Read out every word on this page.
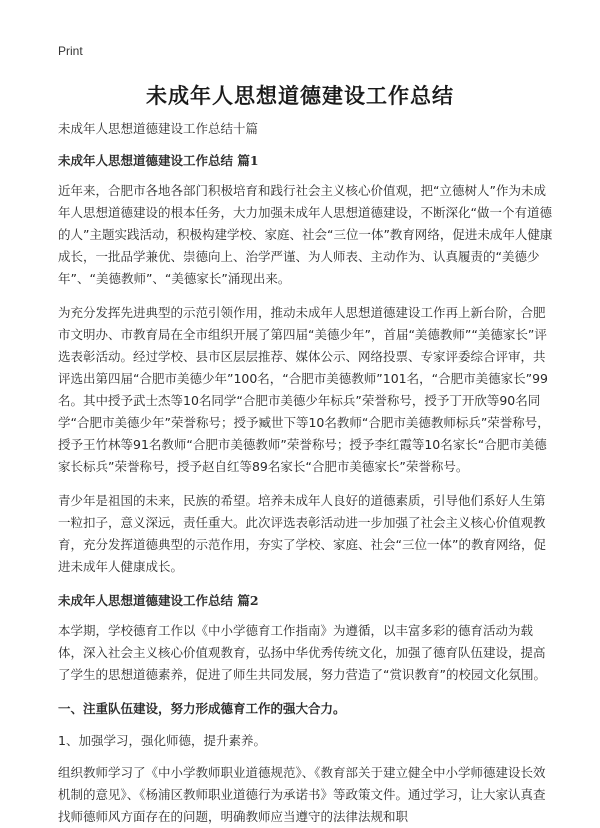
Print
未成年人思想道德建设工作总结

未成年人思想道德建设工作总结十篇

未成年人思想道德建设工作总结 篇1

近年来，合肥市各地各部门积极培育和践行社会主义核心价值观，把“立德树人”作为未成年人思想道德建设的根本任务，大力加强未成年人思想道德建设，不断深化“做一个有道德的人”主题实践活动，积极构建学校、家庭、社会“三位一体”教育网络，促进未成年人健康成长，一批品学兼优、崇德向上、治学严谨、为人师表、主动作为、认真履责的“美德少年”、“美德教师”、“美德家长”涌现出来。

为充分发挥先进典型的示范引领作用，推动未成年人思想道德建设工作再上新台阶，合肥市文明办、市教育局在全市组织开展了第四届“美德少年”，首届“美德教师”“美德家长”评选表彰活动。经过学校、县市区层层推荐、媒体公示、网络投票、专家评委综合评审，共评选出第四届“合肥市美德少年”100名，“合肥市美德教师”101名，“合肥市美德家长”99名。其中授予武士杰等10名同学“合肥市美德少年标兵”荣誉称号，授予丁开欣等90名同学“合肥市美德少年”荣誉称号；授予臧世下等10名教师“合肥市美德教师标兵”荣誉称号，授予王竹林等91名教师“合肥市美德教师”荣誉称号；授予李红霞等10名家长“合肥市美德家长标兵”荣誉称号，授予赵自红等89名家长“合肥市美德家长”荣誉称号。

青少年是祖国的未来，民族的希望。培养未成年人良好的道德素质，引导他们系好人生第一粒扣子，意义深远，责任重大。此次评选表彰活动进一步加强了社会主义核心价值观教育，充分发挥道德典型的示范作用，夯实了学校、家庭、社会“三位一体”的教育网络，促进未成年人健康成长。

未成年人思想道德建设工作总结 篇2

本学期，学校德育工作以《中小学德育工作指南》为遵循，以丰富多彩的德育活动为载体，深入社会主义核心价值观教育，弘扬中华优秀传统文化，加强了德育队伍建设，提高了学生的思想道德素养，促进了师生共同发展，努力营造了“赏识教育”的校园文化氛围。

一、注重队伍建设，努力形成德育工作的强大合力。

1、加强学习，强化师德，提升素养。

组织教师学习了《中小学教师职业道德规范》、《教育部关于建立健全中小学师德建设长效机制的意见》、《杨浦区教师职业道德行为承诺书》等政策文件。通过学习，让大家认真查找师德师风方面存在的问题，明确教师应当遵守的法律法规和职
